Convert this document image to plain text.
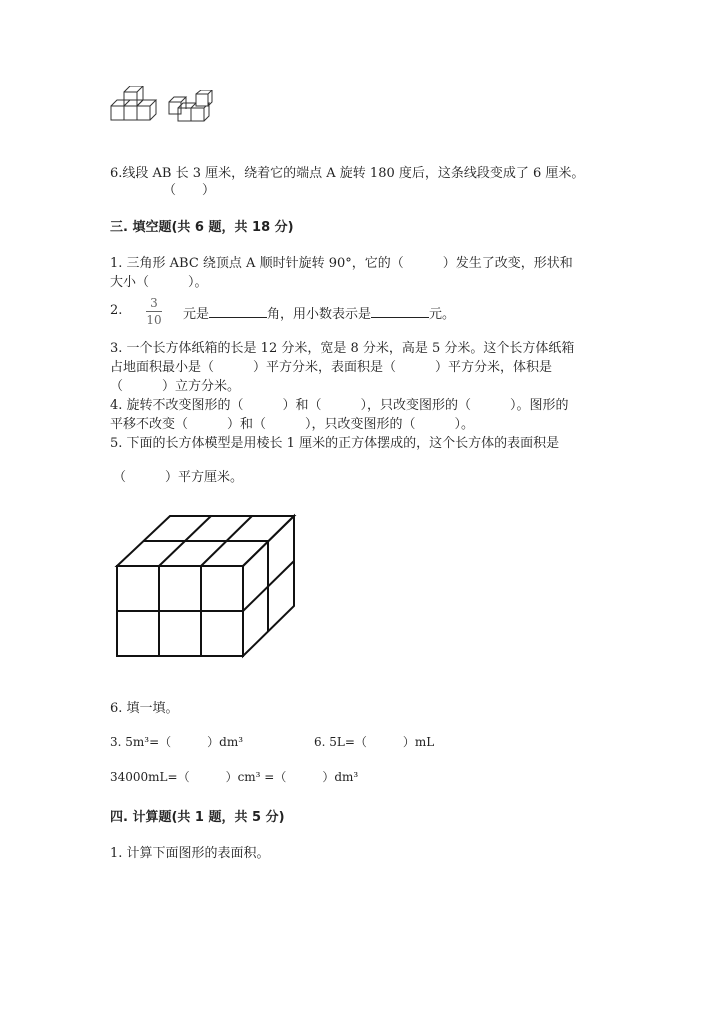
6.线段 AB 长 3 厘米，绕着它的端点 A 旋转 180 度后，这条线段变成了 6 厘米。
（　　）
三. 填空题(共 6 题，共 18 分)
1. 三角形 ABC 绕顶点 A 顺时针旋转 90°，它的（　　　）发生了改变，形状和
大小（　　　）。
2.	3
10 元是	角，用小数表示是	元。
3. 一个长方体纸箱的长是 12 分米，宽是 8 分米，高是 5 分米。这个长方体纸箱
占地面积最小是（　　　）平方分米，表面积是（　　　）平方分米，体积是
（　　　）立方分米。
4. 旋转不改变图形的（　　　）和（　　　），只改变图形的（　　　）。图形的
平移不改变（　　　）和（　　　），只改变图形的（　　　）。
5. 下面的长方体模型是用棱长 1 厘米的正方体摆成的，这个长方体的表面积是
（　　　）平方厘米。
6. 填一填。
3. 5m³=（　　　）dm³	6. 5L=（　　　）mL
34000mL=（　　　）cm³ =（　　　）dm³
四. 计算题(共 1 题，共 5 分)
1. 计算下面图形的表面积。
